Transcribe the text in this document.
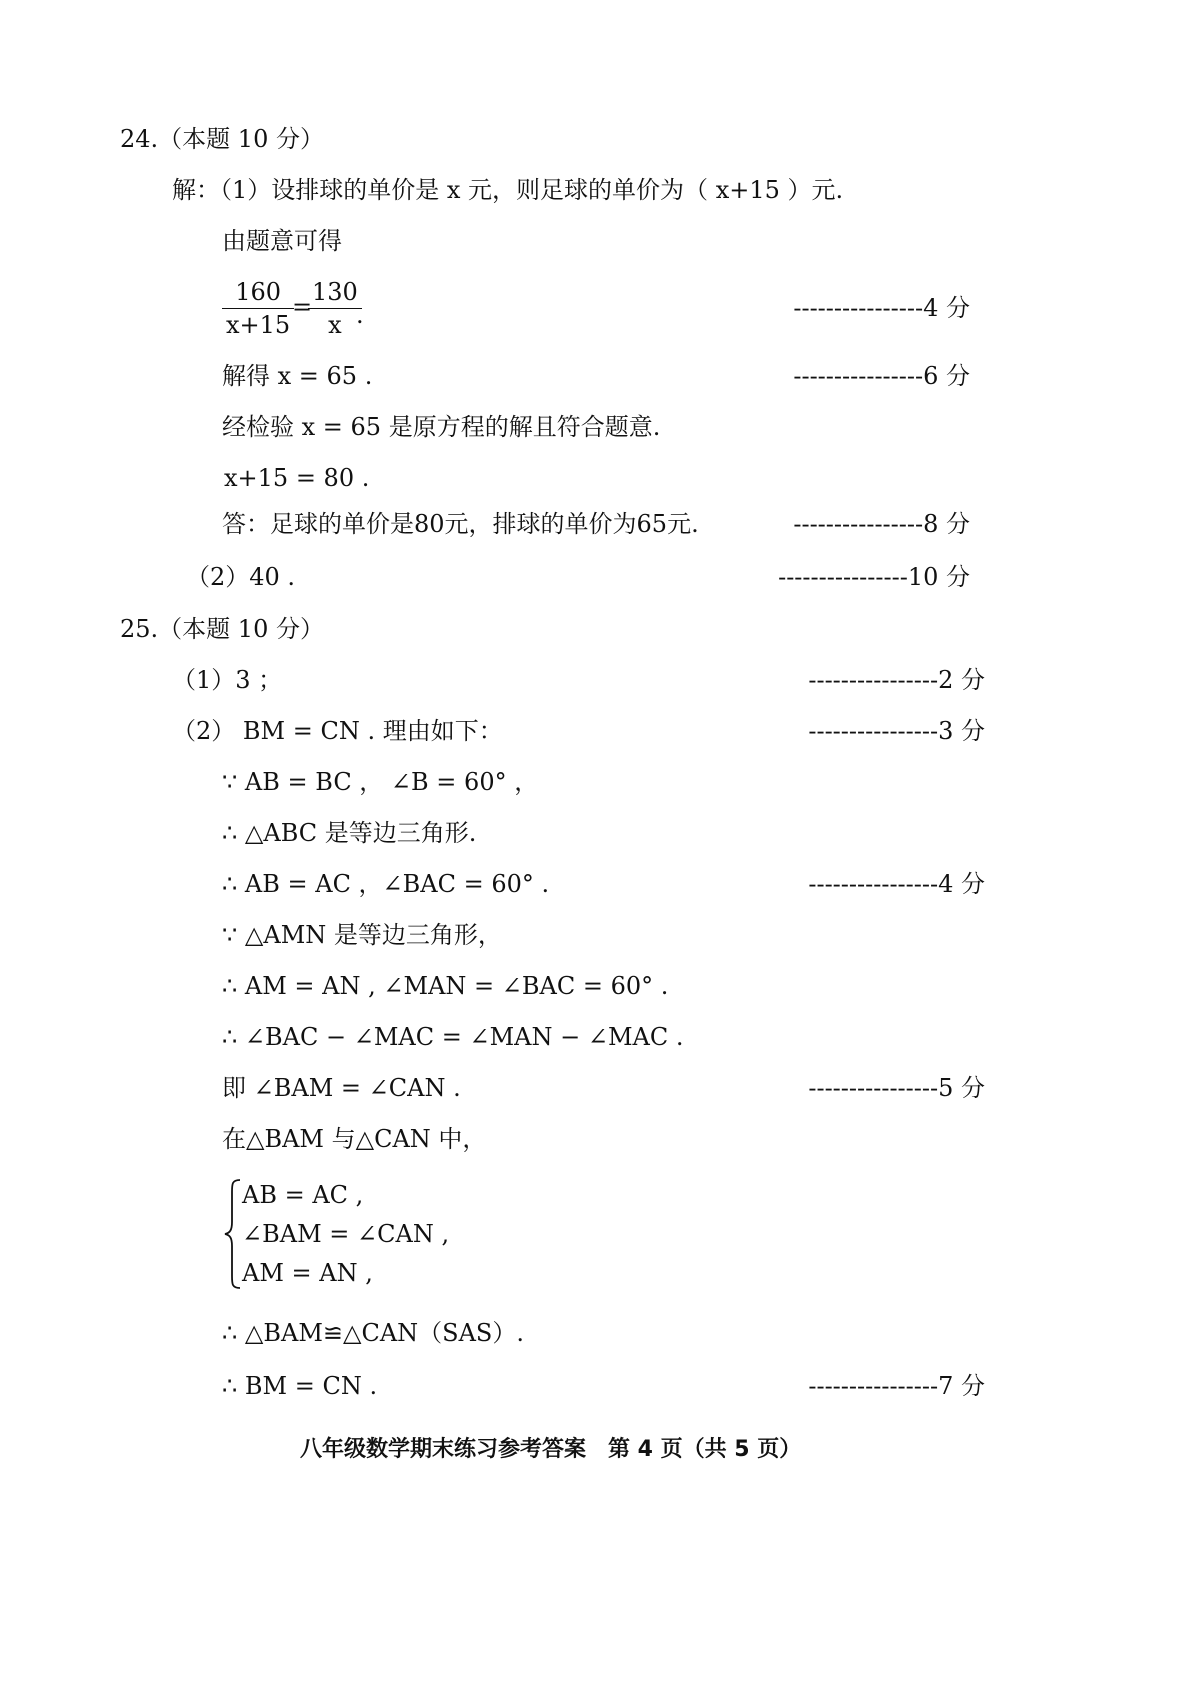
24.（本题 10 分）
解：（1）设排球的单价是 x 元，则足球的单价为（ x+15 ）元.
由题意可得
$\frac{160}{x+15}$
=
$\frac{130}{x}$
.	----------------4 分
解得 x = 65 .	----------------6 分
经检验 x = 65 是原方程的解且符合题意.
x+15 = 80 .
答：足球的单价是80元，排球的单价为65元.	----------------8 分
（2）40 .	----------------10 分
25.（本题 10 分）
（1）3 ；	----------------2 分
（2） BM = CN . 理由如下：	----------------3 分
∵ AB = BC ， ∠B = 60° ，
∴ △ABC 是等边三角形.
∴ AB = AC ，∠BAC = 60° .	----------------4 分
∵ △AMN 是等边三角形，
∴ AM = AN , ∠MAN = ∠BAC = 60° .
∴ ∠BAC − ∠MAC = ∠MAN − ∠MAC .
即 ∠BAM = ∠CAN .	----------------5 分
在△BAM 与△CAN 中，
AB = AC ,
∠BAM = ∠CAN ,
AM = AN ,
∴ △BAM≌△CAN（SAS）.
∴ BM = CN .	----------------7 分
八年级数学期末练习参考答案　第 4 页（共 5 页）
